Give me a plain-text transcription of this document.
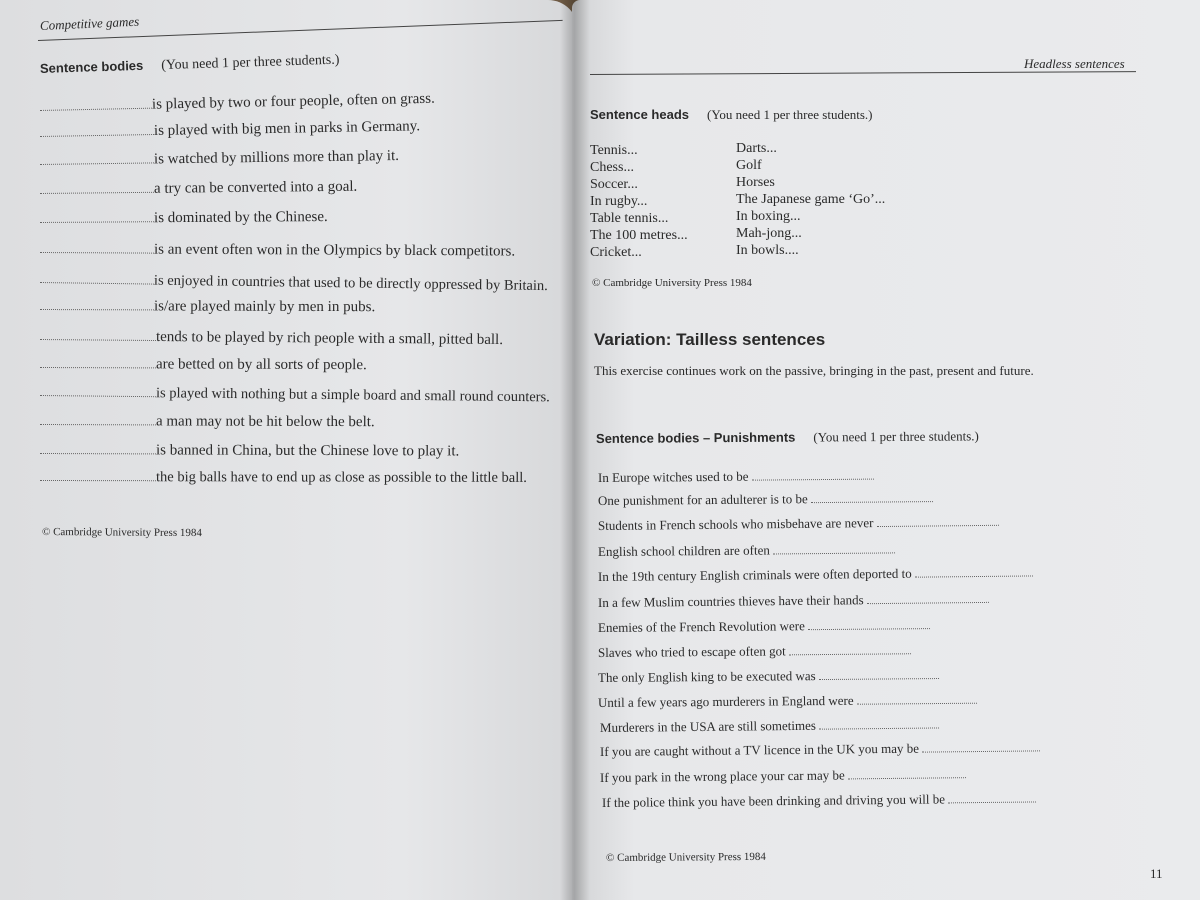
Competitive games
Sentence bodies (You need 1 per three students.)
is played by two or four people, often on grass.
is played with big men in parks in Germany.
is watched by millions more than play it.
a try can be converted into a goal.
is dominated by the Chinese.
is an event often won in the Olympics by black competitors.
is enjoyed in countries that used to be directly oppressed by Britain.
is/are played mainly by men in pubs.
tends to be played by rich people with a small, pitted ball.
are betted on by all sorts of people.
is played with nothing but a simple board and small round counters.
a man may not be hit below the belt.
is banned in China, but the Chinese love to play it.
the big balls have to end up as close as possible to the little ball.
© Cambridge University Press 1984
Headless sentences
Sentence heads (You need 1 per three students.)
Tennis...
Chess...
Soccer...
In rugby...
Table tennis...
The 100 metres...
Cricket...
Darts...
Golf
Horses
The Japanese game ‘Go’...
In boxing...
Mah-jong...
In bowls....
© Cambridge University Press 1984
Variation: Tailless sentences
This exercise continues work on the passive, bringing in the past, present and future.
Sentence bodies – Punishments (You need 1 per three students.)
In Europe witches used to be
One punishment for an adulterer is to be
Students in French schools who misbehave are never
English school children are often
In the 19th century English criminals were often deported to
In a few Muslim countries thieves have their hands
Enemies of the French Revolution were
Slaves who tried to escape often got
The only English king to be executed was
Until a few years ago murderers in England were
Murderers in the USA are still sometimes
If you are caught without a TV licence in the UK you may be
If you park in the wrong place your car may be
If the police think you have been drinking and driving you will be
© Cambridge University Press 1984
11
